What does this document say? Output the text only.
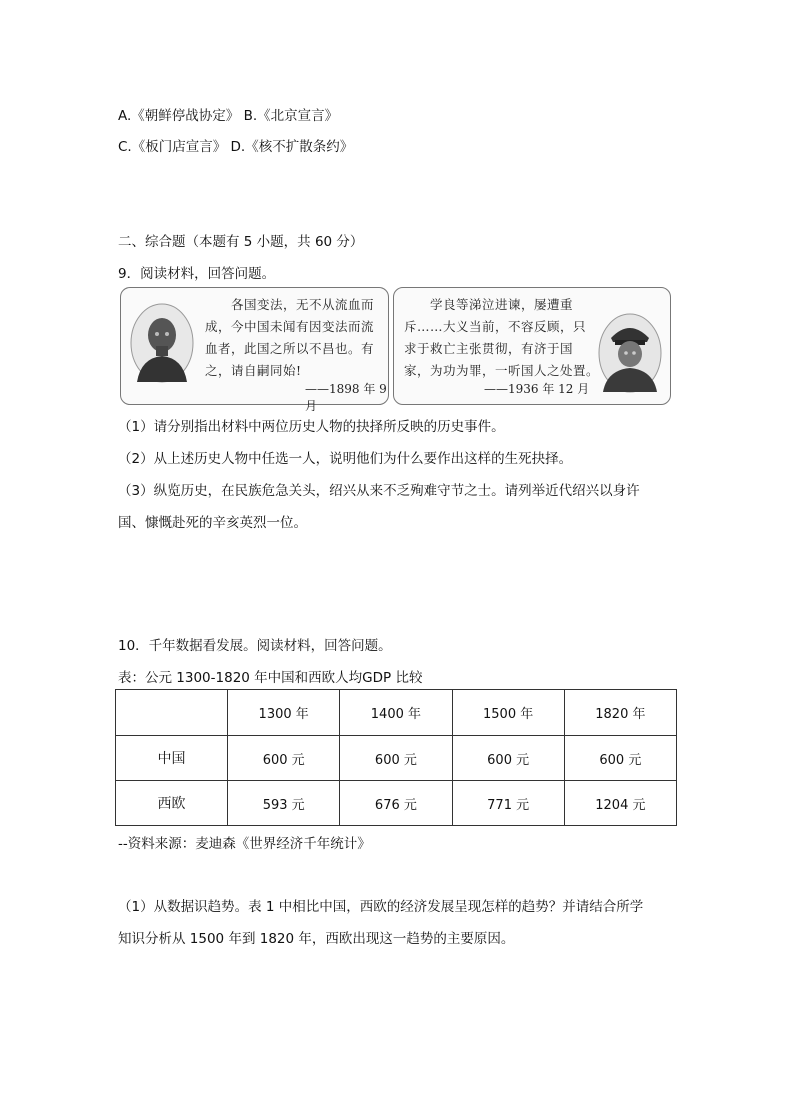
A.《朝鲜停战协定》 B.《北京宣言》
C.《板门店宣言》 D.《核不扩散条约》
二、综合题（本题有 5 小题，共 60 分）
9．阅读材料，回答问题。
各国变法，无不从流血而
成，今中国未闻有因变法而流
血者，此国之所以不昌也。有
之，请自嗣同始!
——1898 年 9 月
学良等涕泣进谏，屡遭重
斥……大义当前，不容反顾，只
求于救亡主张贯彻，有济于国
家，为功为罪，一听国人之处置。
——1936 年 12 月
（1）请分别指出材料中两位历史人物的抉择所反映的历史事件。
（2）从上述历史人物中任选一人，说明他们为什么要作出这样的生死抉择。
（3）纵览历史，在民族危急关头，绍兴从来不乏殉难守节之士。请列举近代绍兴以身许
国、慷慨赴死的辛亥英烈一位。
10．千年数据看发展。阅读材料，回答问题。
表：公元 1300-1820 年中国和西欧人均GDP 比较
	1300 年	1400 年	1500 年	1820 年
中国	600 元	600 元	600 元	600 元
西欧	593 元	676 元	771 元	1204 元
--资料来源：麦迪森《世界经济千年统计》
（1）从数据识趋势。表 1 中相比中国，西欧的经济发展呈现怎样的趋势？并请结合所学
知识分析从 1500 年到 1820 年，西欧出现这一趋势的主要原因。
